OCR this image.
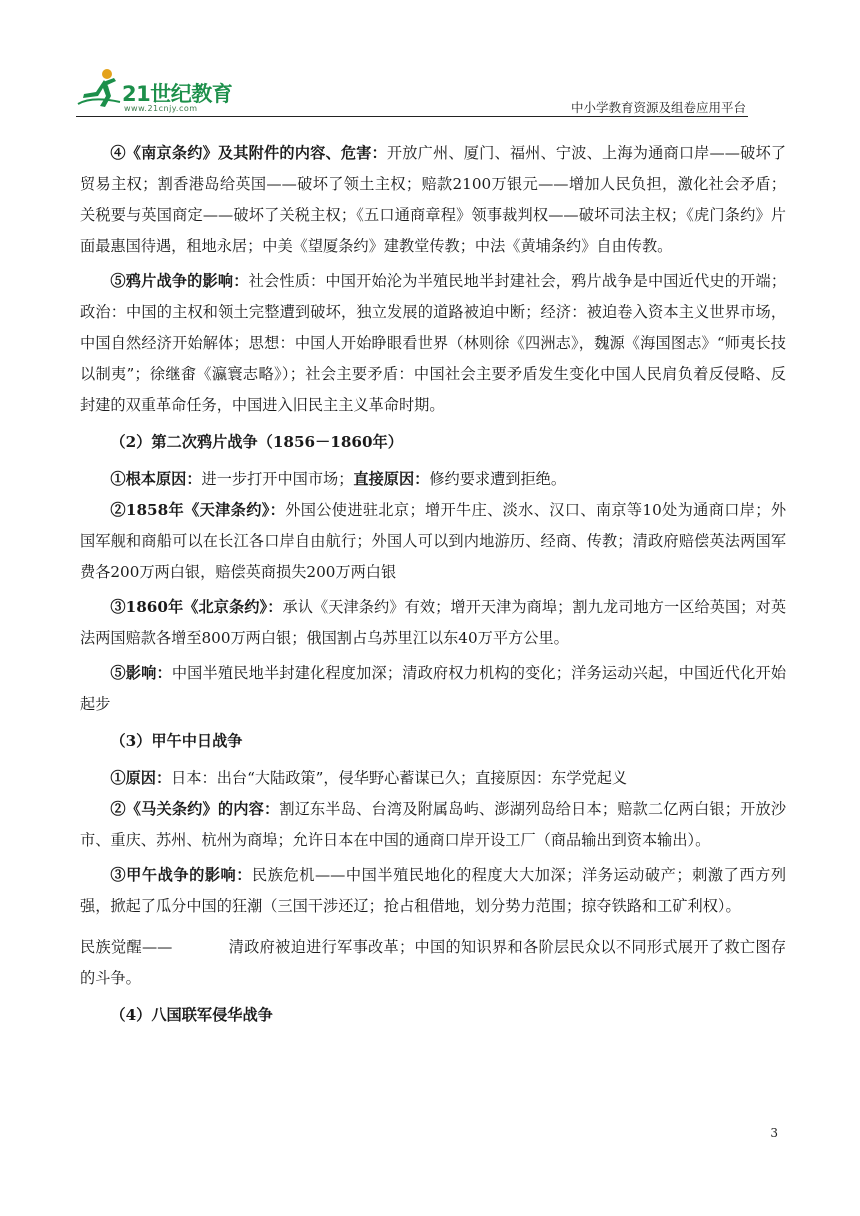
21世纪教育
www.21cnjy.com	中小学教育资源及组卷应用平台

④《南京条约》及其附件的内容、危害：开放广州、厦门、福州、宁波、上海为通商口岸——破坏了贸易主权；割香港岛给英国——破坏了领土主权；赔款2100万银元——增加人民负担，激化社会矛盾；关税要与英国商定——破坏了关税主权；《五口通商章程》领事裁判权——破坏司法主权；《虎门条约》片面最惠国待遇，租地永居；中美《望厦条约》建教堂传教；中法《黄埔条约》自由传教。

⑤鸦片战争的影响：社会性质：中国开始沦为半殖民地半封建社会，鸦片战争是中国近代史的开端；政治：中国的主权和领土完整遭到破坏，独立发展的道路被迫中断；经济：被迫卷入资本主义世界市场，中国自然经济开始解体；思想：中国人开始睁眼看世界（林则徐《四洲志》，魏源《海国图志》“师夷长技以制夷”；徐继畬《瀛寰志略》）；社会主要矛盾：中国社会主要矛盾发生变化中国人民肩负着反侵略、反封建的双重革命任务，中国进入旧民主主义革命时期。

（2）第二次鸦片战争（1856－1860年）

①根本原因：进一步打开中国市场；直接原因：修约要求遭到拒绝。

②1858年《天津条约》：外国公使进驻北京；增开牛庄、淡水、汉口、南京等10处为通商口岸；外国军舰和商船可以在长江各口岸自由航行；外国人可以到内地游历、经商、传教；清政府赔偿英法两国军费各200万两白银，赔偿英商损失200万两白银

③1860年《北京条约》：承认《天津条约》有效；增开天津为商埠；割九龙司地方一区给英国；对英法两国赔款各增至800万两白银；俄国割占乌苏里江以东40万平方公里。

⑤影响：中国半殖民地半封建化程度加深；清政府权力机构的变化；洋务运动兴起，中国近代化开始起步

（3）甲午中日战争

①原因：日本：出台“大陆政策”，侵华野心蓄谋已久；直接原因：东学党起义

②《马关条约》的内容：割辽东半岛、台湾及附属岛屿、澎湖列岛给日本；赔款二亿两白银；开放沙市、重庆、苏州、杭州为商埠；允许日本在中国的通商口岸开设工厂（商品输出到资本输出）。

③甲午战争的影响：民族危机——中国半殖民地化的程度大大加深；洋务运动破产；刺激了西方列强，掀起了瓜分中国的狂潮（三国干涉还辽；抢占租借地，划分势力范围；掠夺铁路和工矿利权）。

民族觉醒——	清政府被迫进行军事改革；中国的知识界和各阶层民众以不同形式展开了救亡图存的斗争。

（4）八国联军侵华战争
3
